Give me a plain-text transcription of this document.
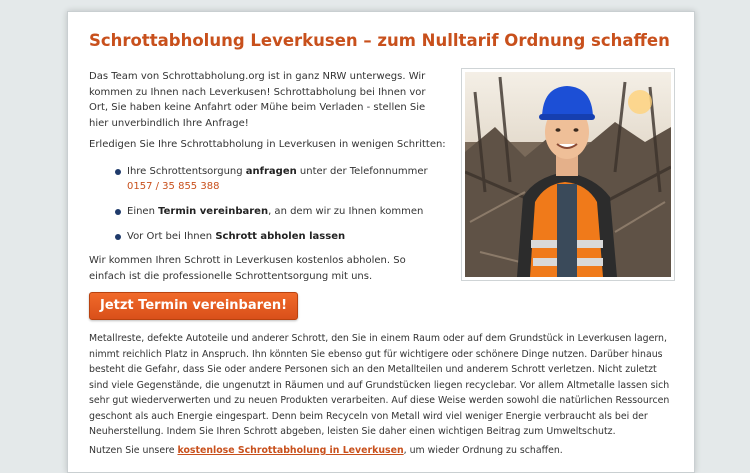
Schrottabholung Leverkusen – zum Nulltarif Ordnung schaffen

Das Team von Schrottabholung.org ist in ganz NRW unterwegs. Wir kommen zu Ihnen nach Leverkusen! Schrottabholung bei Ihnen vor Ort, Sie haben keine Anfahrt oder Mühe beim Verladen - stellen Sie hier unverbindlich Ihre Anfrage!

Erledigen Sie Ihre Schrottabholung in Leverkusen in wenigen Schritten:

Ihre Schrottentsorgung anfragen unter der Telefonnummer
0157 / 35 855 388
Einen Termin vereinbaren, an dem wir zu Ihnen kommen
Vor Ort bei Ihnen Schrott abholen lassen

Wir kommen Ihren Schrott in Leverkusen kostenlos abholen. So einfach ist die professionelle Schrottentsorgung mit uns.

Jetzt Termin vereinbaren!

Metallreste, defekte Autoteile und anderer Schrott, den Sie in einem Raum oder auf dem Grundstück in Leverkusen lagern, nimmt reichlich Platz in Anspruch. Ihn könnten Sie ebenso gut für wichtigere oder schönere Dinge nutzen. Darüber hinaus besteht die Gefahr, dass Sie oder andere Personen sich an den Metallteilen und anderem Schrott verletzen. Nicht zuletzt sind viele Gegenstände, die ungenutzt in Räumen und auf Grundstücken liegen recyclebar. Vor allem Altmetalle lassen sich sehr gut wiederverwerten und zu neuen Produkten verarbeiten. Auf diese Weise werden sowohl die natürlichen Ressourcen geschont als auch Energie eingespart. Denn beim Recyceln von Metall wird viel weniger Energie verbraucht als bei der Neuherstellung. Indem Sie Ihren Schrott abgeben, leisten Sie daher einen wichtigen Beitrag zum Umweltschutz.

Nutzen Sie unsere kostenlose Schrottabholung in Leverkusen, um wieder Ordnung zu schaffen.
